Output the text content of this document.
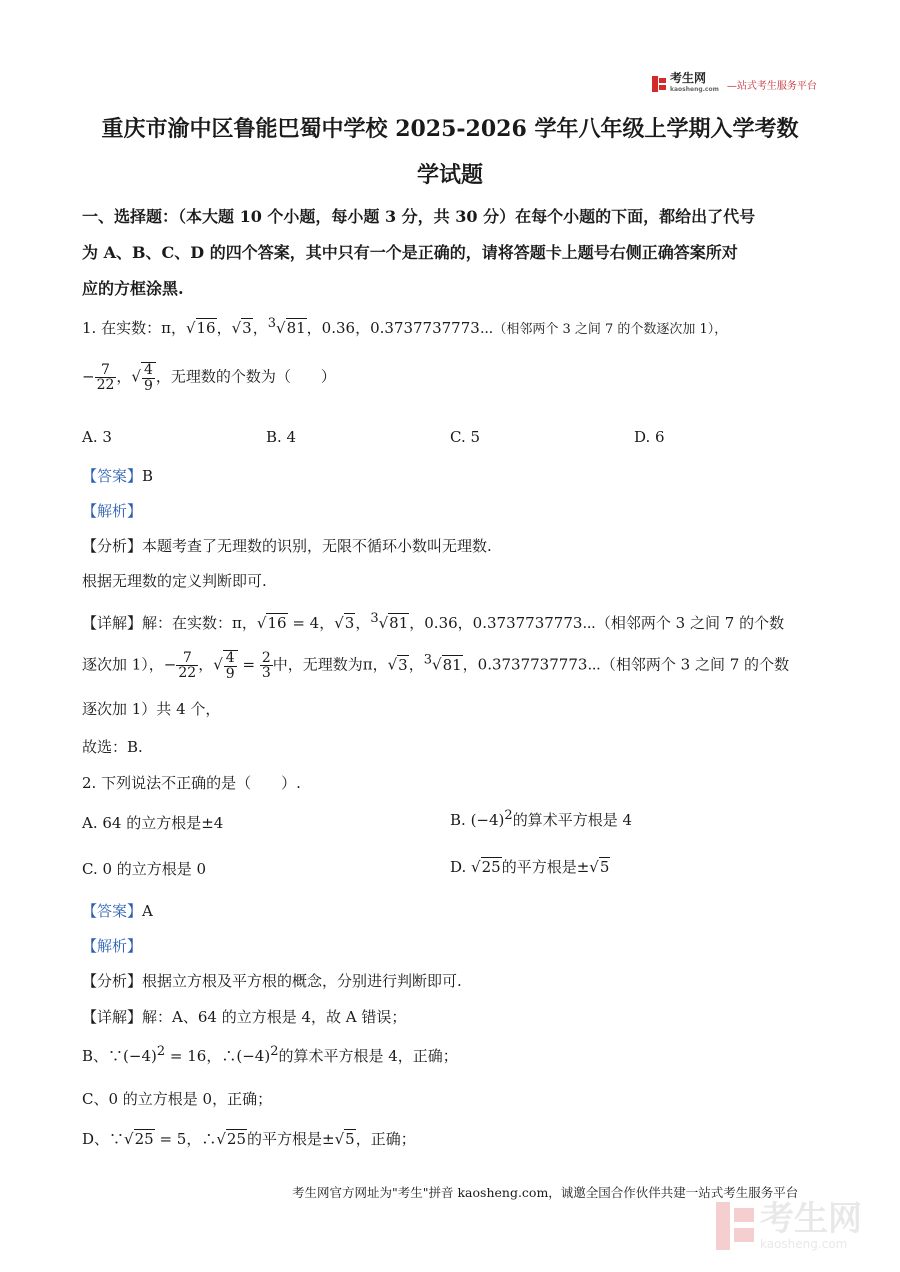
考生网
kaosheng.com —站式考生服务平台
重庆市渝中区鲁能巴蜀中学校 2025-2026 学年八年级上学期入学考数
学试题
一、选择题：（本大题 10 个小题，每小题 3 分，共 30 分）在每个小题的下面，都给出了代号
为 A、B、C、D 的四个答案，其中只有一个是正确的，请将答题卡上题号右侧正确答案所对
应的方框涂黑.
1. 在实数：π，√16，√3，$^3$√81，0.36，0.3737737773⋯（相邻两个 3 之间 7 的个数逐次加 1），
− $\frac{7}{22}$ ，√ $\frac{4}{9}$ ，无理数的个数为（　　）
A. 3	B. 4	C. 5	D. 6
【答案】B
【解析】
【分析】本题考查了无理数的识别，无限不循环小数叫无理数.
根据无理数的定义判断即可.
【详解】解：在实数：π，√16 = 4，√3，$^3$√81，0.36，0.3737737773⋯（相邻两个 3 之间 7 的个数
逐次加 1），− $\frac{7}{22}$ ，√ $\frac{4}{9} = \frac{2}{3}$ 中，无理数为π，√3，$^3$√81，0.3737737773⋯（相邻两个 3 之间 7 的个数
逐次加 1）共 4 个，
故选：B.
2. 下列说法不正确的是（　　）.
A. 64 的立方根是±4	B. $(-4)^2$的算术平方根是 4
C. 0 的立方根是 0	D. √25的平方根是±√5
【答案】A
【解析】
【分析】根据立方根及平方根的概念，分别进行判断即可.
【详解】解：A、64 的立方根是 4，故 A 错误；
B、$\because(-4)^2 = 16$，$\therefore(-4)^2$的算术平方根是 4，正确；
C、0 的立方根是 0，正确；
D、∵√25 = 5，∴√25的平方根是±√5，正确；
考生网官方网址为"考生"拼音 kaosheng.com，诚邀全国合作伙伴共建一站式考生服务平台
考生网
kaosheng.com
